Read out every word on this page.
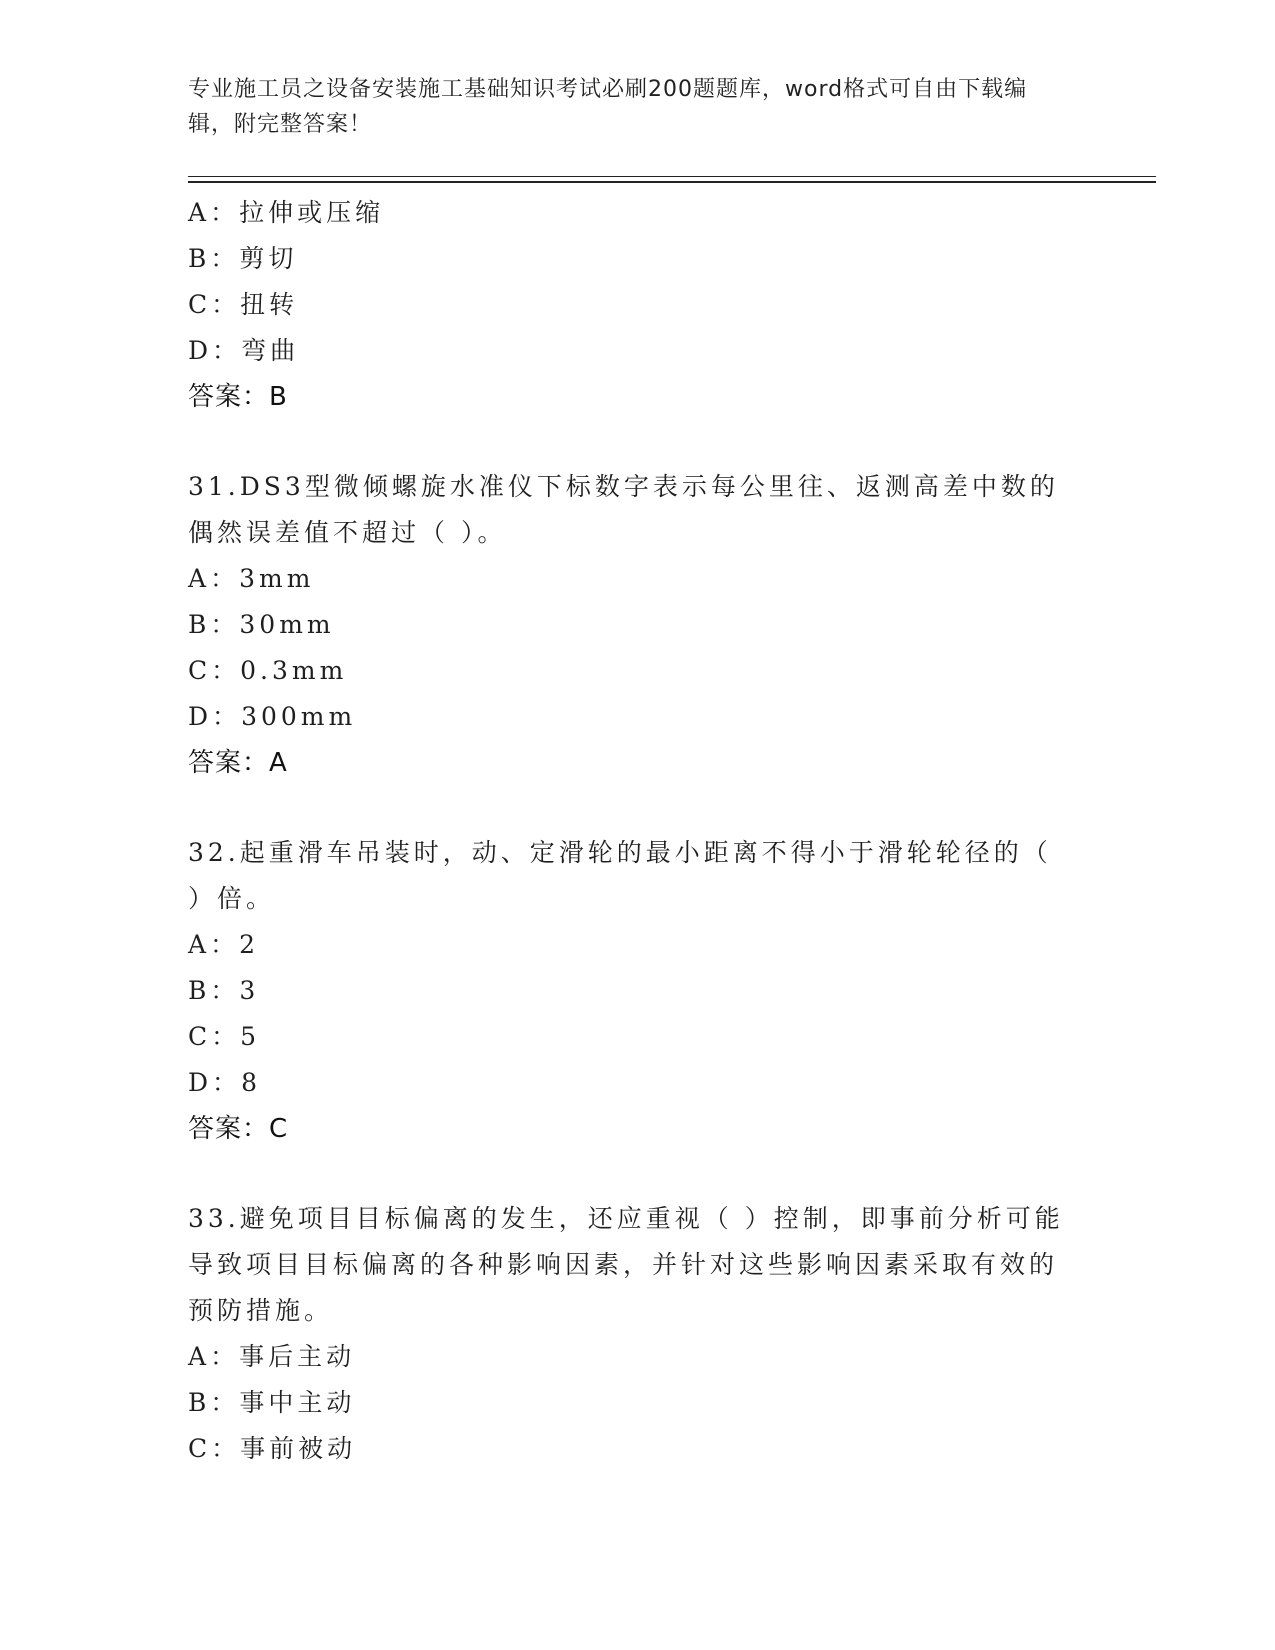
专业施工员之设备安装施工基础知识考试必刷200题题库，word格式可自由下载编辑，附完整答案！
A：拉伸或压缩
B：剪切
C：扭转
D：弯曲
答案：B
31.DS3型微倾螺旋水准仪下标数字表示每公里往、返测高差中数的偶然误差值不超过（ ）。
A：3mm
B：30mm
C：0.3mm
D：300mm
答案：A
32.起重滑车吊装时，动、定滑轮的最小距离不得小于滑轮轮径的（ ）倍。
A：2
B：3
C：5
D：8
答案：C
33.避免项目目标偏离的发生，还应重视（ ）控制，即事前分析可能导致项目目标偏离的各种影响因素，并针对这些影响因素采取有效的预防措施。
A：事后主动
B：事中主动
C：事前被动
